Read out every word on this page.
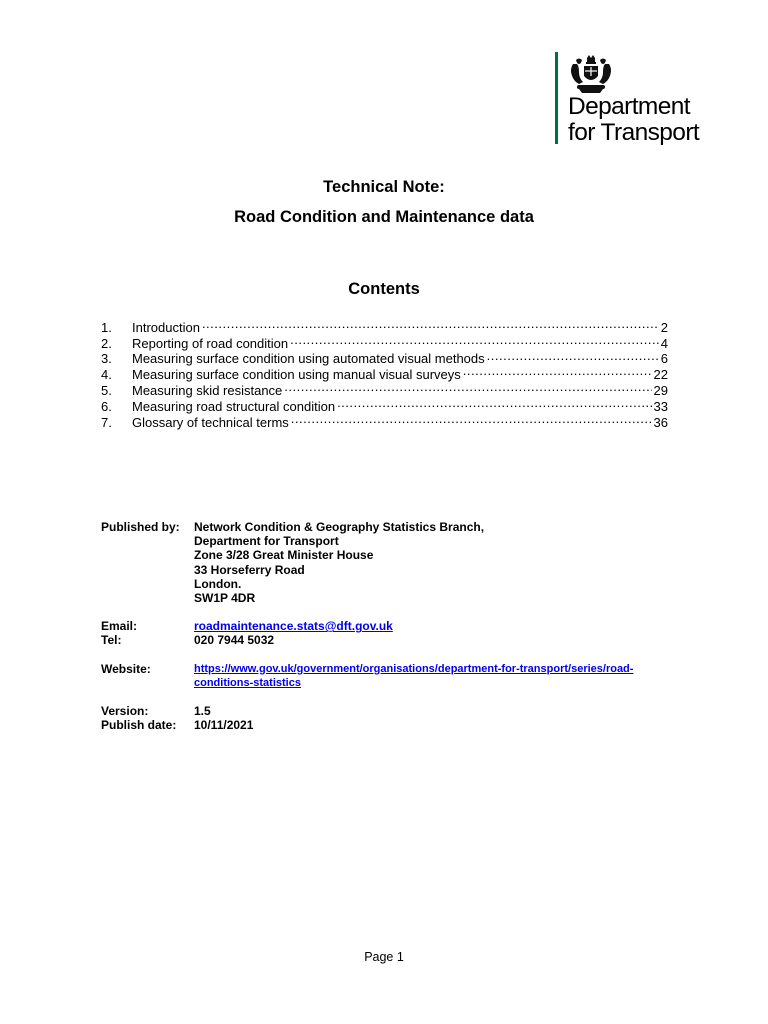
Department
for Transport
Technical Note:
Road Condition and Maintenance data
Contents
1.	Introduction .....	2
2.	Reporting of road condition .....	4
3.	Measuring surface condition using automated visual methods .....	6
4.	Measuring surface condition using manual visual surveys .....	22
5.	Measuring skid resistance .....	29
6.	Measuring road structural condition .....	33
7.	Glossary of technical terms .....	36
Published by:	Network Condition & Geography Statistics Branch,
Department for Transport
Zone 3/28 Great Minister House
33 Horseferry Road
London.
SW1P 4DR
Email:	roadmaintenance.stats@dft.gov.uk
Tel:	020 7944 5032
Website:	https://www.gov.uk/government/organisations/department-for-transport/series/road-
conditions-statistics
Version:	1.5
Publish date:	10/11/2021
Page 1
